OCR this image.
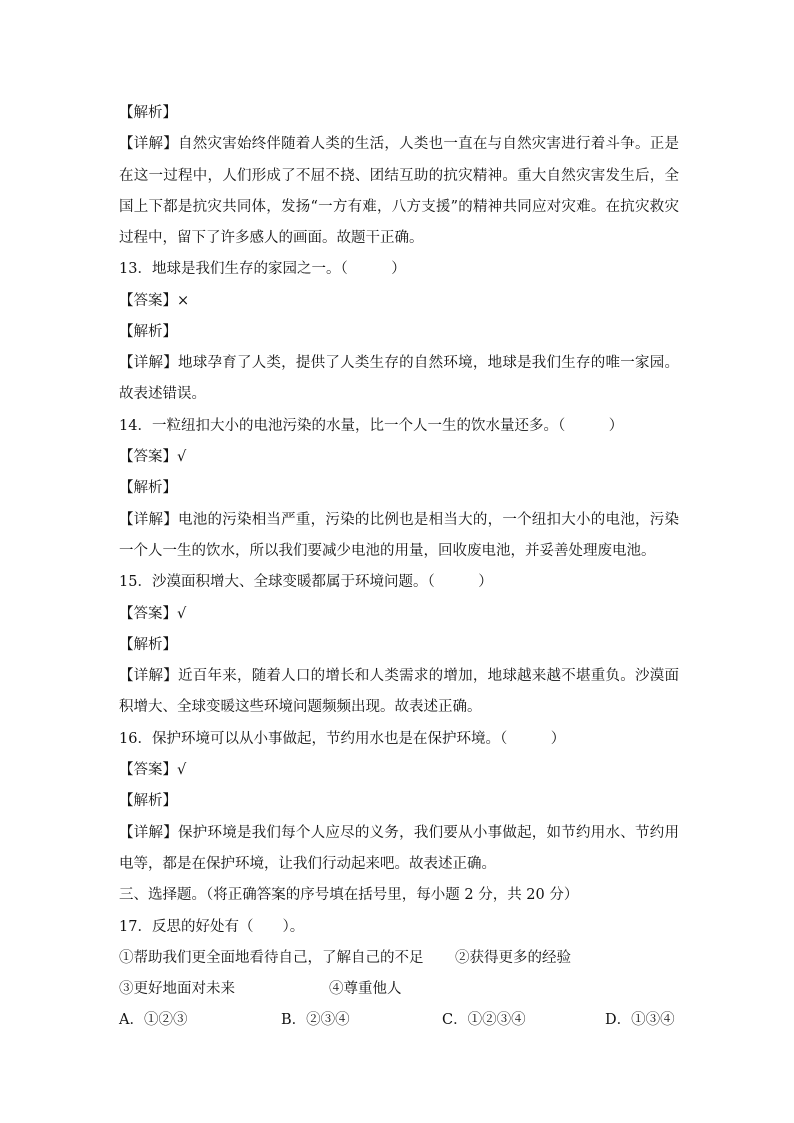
【解析】
【详解】自然灾害始终伴随着人类的生活，人类也一直在与自然灾害进行着斗争。正是在这一过程中，人们形成了不屈不挠、团结互助的抗灾精神。重大自然灾害发生后，全国上下都是抗灾共同体，发扬“一方有难，八方支援”的精神共同应对灾难。在抗灾救灾过程中，留下了许多感人的画面。故题干正确。
13．地球是我们生存的家园之一。（　　　）
【答案】×
【解析】
【详解】地球孕育了人类，提供了人类生存的自然环境，地球是我们生存的唯一家园。故表述错误。
14．一粒纽扣大小的电池污染的水量，比一个人一生的饮水量还多。（　　　）
【答案】√
【解析】
【详解】电池的污染相当严重，污染的比例也是相当大的，一个纽扣大小的电池，污染一个人一生的饮水，所以我们要减少电池的用量，回收废电池，并妥善处理废电池。
15．沙漠面积增大、全球变暖都属于环境问题。（　　　）
【答案】√
【解析】
【详解】近百年来，随着人口的增长和人类需求的增加，地球越来越不堪重负。沙漠面积增大、全球变暖这些环境问题频频出现。故表述正确。
16．保护环境可以从小事做起，节约用水也是在保护环境。（　　　）
【答案】√
【解析】
【详解】保护环境是我们每个人应尽的义务，我们要从小事做起，如节约用水、节约用电等，都是在保护环境，让我们行动起来吧。故表述正确。
三、选择题。（将正确答案的序号填在括号里，每小题 2 分，共 20 分）
17．反思的好处有（　　）。
①帮助我们更全面地看待自己，了解自己的不足 ②获得更多的经验
③更好地面对未来	④尊重他人
A．①②③	B．②③④	C．①②③④	D．①③④
